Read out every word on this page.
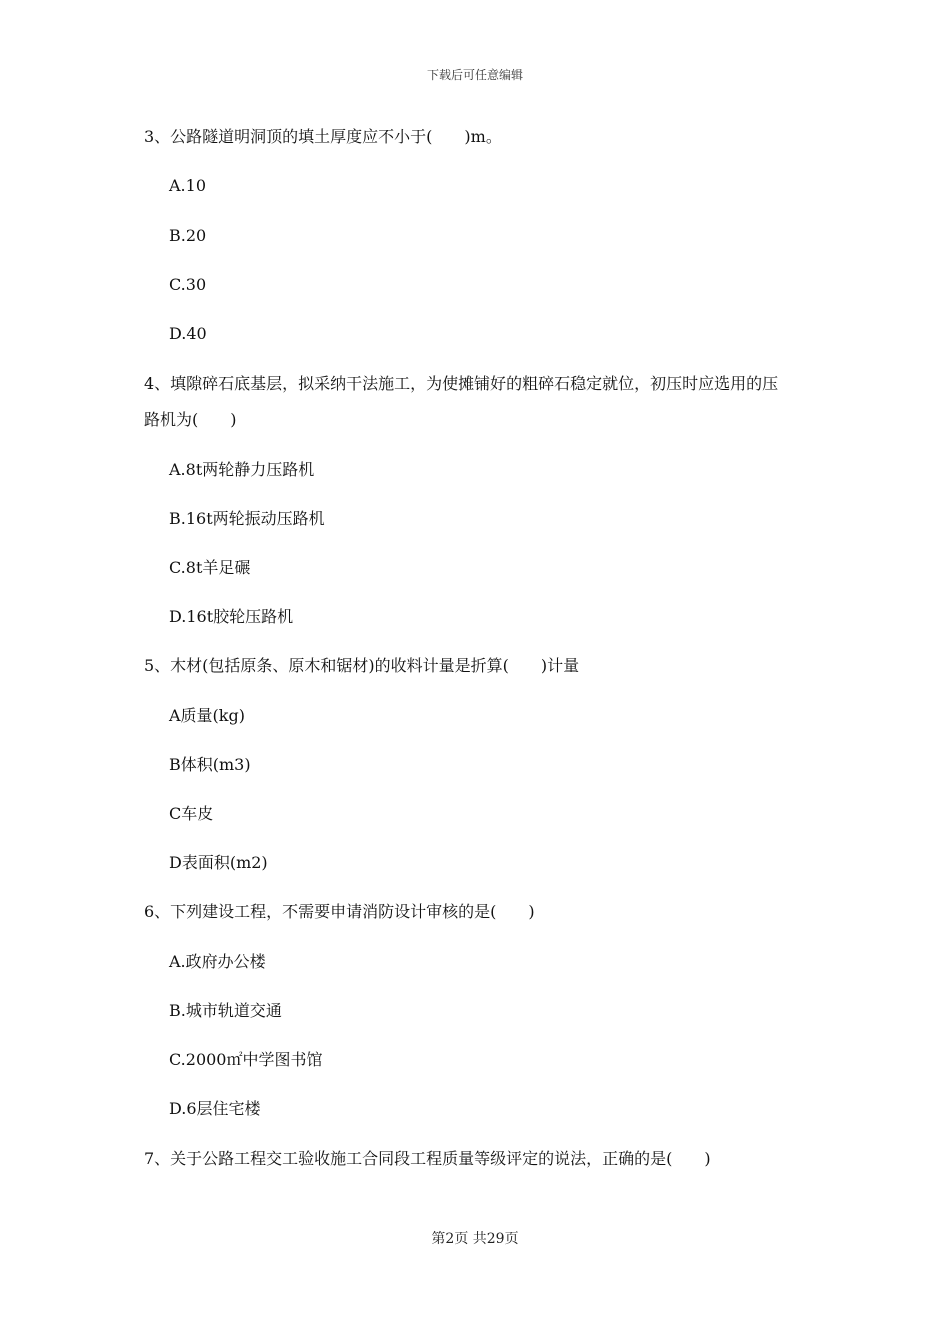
下载后可任意编辑
3、公路隧道明洞顶的填土厚度应不小于(　　)m。
A.10
B.20
C.30
D.40
4、填隙碎石底基层，拟采纳干法施工，为使摊铺好的粗碎石稳定就位，初压时应选用的压
路机为(　　)
A.8t两轮静力压路机
B.16t两轮振动压路机
C.8t羊足碾
D.16t胶轮压路机
5、木材(包括原条、原木和锯材)的收料计量是折算(　　)计量
A质量(kg)
B体积(m3)
C车皮
D表面积(m2)
6、下列建设工程，不需要申请消防设计审核的是(　　)
A.政府办公楼
B.城市轨道交通
C.2000㎡中学图书馆
D.6层住宅楼
7、关于公路工程交工验收施工合同段工程质量等级评定的说法，正确的是(　　)
第2页 共29页
